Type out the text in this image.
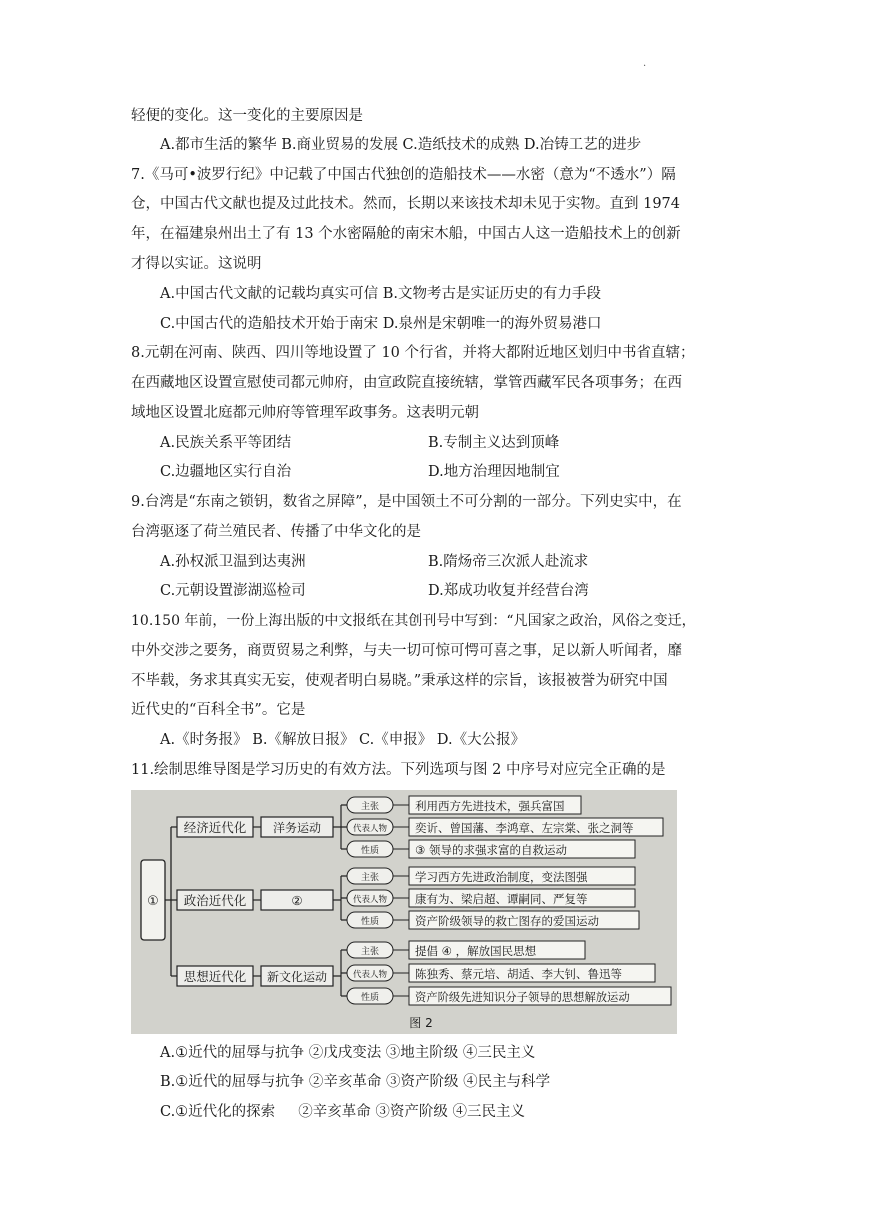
.
轻便的变化。这一变化的主要原因是
A.都市生活的繁华 B.商业贸易的发展 C.造纸技术的成熟 D.冶铸工艺的进步
7.《马可•波罗行纪》中记载了中国古代独创的造船技术——水密（意为“不透水”）隔
仓，中国古代文献也提及过此技术。然而，长期以来该技术却未见于实物。直到 1974
年，在福建泉州出土了有 13 个水密隔舱的南宋木船，中国古人这一造船技术上的创新
才得以实证。这说明
A.中国古代文献的记载均真实可信 B.文物考古是实证历史的有力手段
C.中国古代的造船技术开始于南宋 D.泉州是宋朝唯一的海外贸易港口
8.元朝在河南、陕西、四川等地设置了 10 个行省，并将大都附近地区划归中书省直辖；
在西藏地区设置宣慰使司都元帅府，由宣政院直接统辖，掌管西藏军民各项事务；在西
域地区设置北庭都元帅府等管理军政事务。这表明元朝
A.民族关系平等团结	B.专制主义达到顶峰
C.边疆地区实行自治	D.地方治理因地制宜
9.台湾是“东南之锁钥，数省之屏障”，是中国领土不可分割的一部分。下列史实中，在
台湾驱逐了荷兰殖民者、传播了中华文化的是
A.孙权派卫温到达夷洲	B.隋炀帝三次派人赴流求
C.元朝设置澎湖巡检司	D.郑成功收复并经营台湾
10.150 年前，一份上海出版的中文报纸在其创刊号中写到：“凡国家之政治，风俗之变迁，
中外交涉之要务，商贾贸易之利弊，与夫一切可惊可愕可喜之事，足以新人听闻者，靡
不毕载，务求其真实无妄，使观者明白易晓。”秉承这样的宗旨，该报被誉为研究中国
近代史的“百科全书”。它是
A.《时务报》 B.《解放日报》 C.《申报》 D.《大公报》
11.绘制思维导图是学习历史的有效方法。下列选项与图 2 中序号对应完全正确的是
①
经济近代化 洋务运动
主张	利用西方先进技术，强兵富国
代表人物 奕䜣、曾国藩、李鸿章、左宗棠、张之洞等
性质	③ 领导的求强求富的自救运动
政治近代化	②
主张	学习西方先进政治制度，变法图强
代表人物 康有为、梁启超、谭嗣同、严复等
性质	资产阶级领导的救亡图存的爱国运动
思想近代化 新文化运动
主张	提倡 ④ ，解放国民思想
代表人物 陈独秀、蔡元培、胡适、李大钊、鲁迅等
性质	资产阶级先进知识分子领导的思想解放运动
图 2
A.①近代的屈辱与抗争 ②戊戌变法 ③地主阶级 ④三民主义
B.①近代的屈辱与抗争 ②辛亥革命 ③资产阶级 ④民主与科学
C.①近代化的探索     ②辛亥革命 ③资产阶级 ④三民主义
